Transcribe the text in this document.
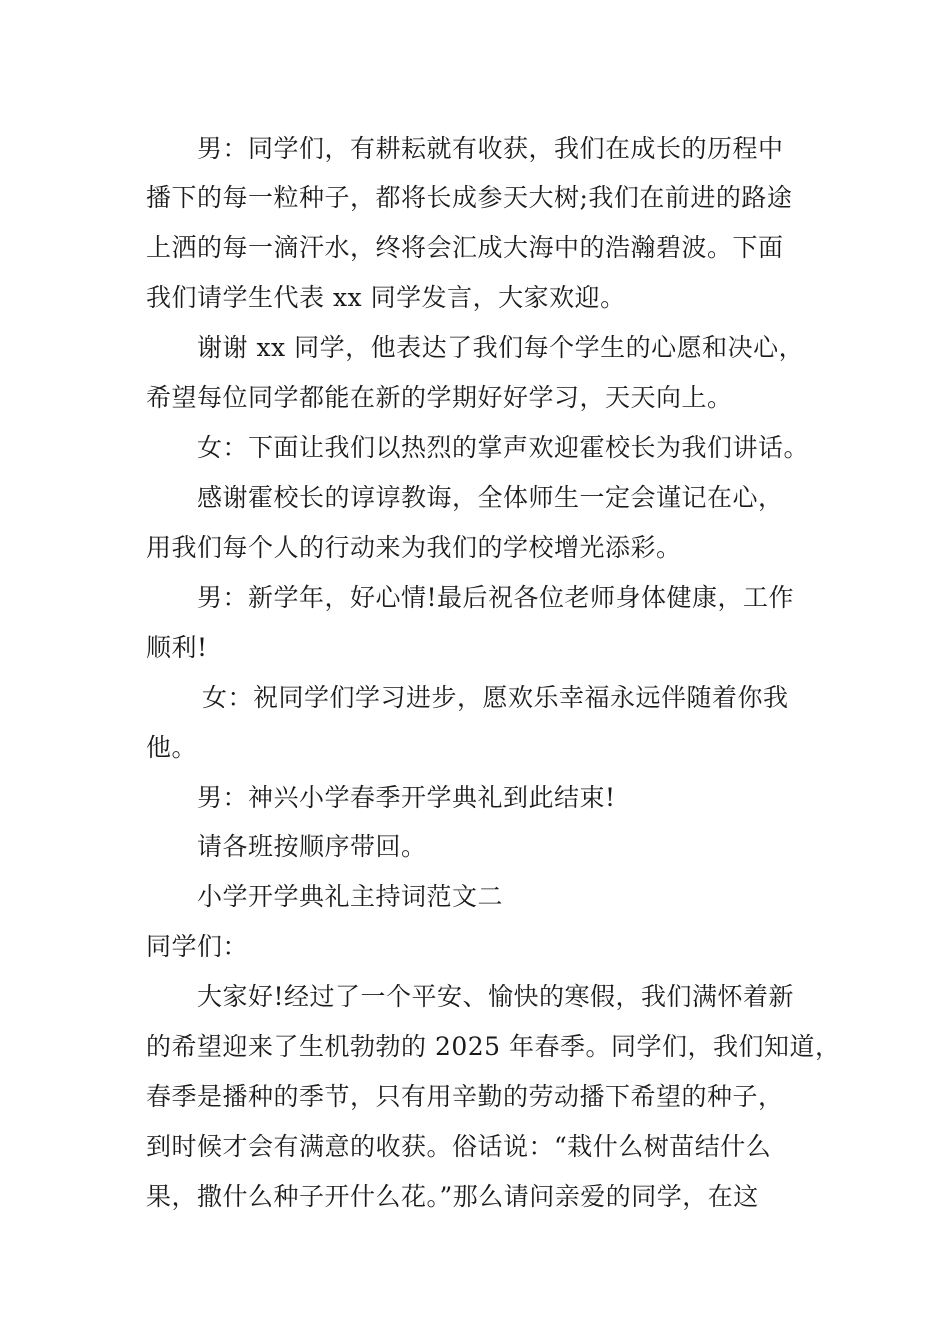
男：同学们，有耕耘就有收获，我们在成长的历程中
播下的每一粒种子，都将长成参天大树;我们在前进的路途
上洒的每一滴汗水，终将会汇成大海中的浩瀚碧波。下面
我们请学生代表 xx 同学发言，大家欢迎。
谢谢 xx 同学，他表达了我们每个学生的心愿和决心，
希望每位同学都能在新的学期好好学习，天天向上。
女：下面让我们以热烈的掌声欢迎霍校长为我们讲话。
感谢霍校长的谆谆教诲，全体师生一定会谨记在心，
用我们每个人的行动来为我们的学校增光添彩。
男：新学年，好心情!最后祝各位老师身体健康，工作
顺利!
女：祝同学们学习进步，愿欢乐幸福永远伴随着你我
他。
男：神兴小学春季开学典礼到此结束!
请各班按顺序带回。
小学开学典礼主持词范文二
同学们：
大家好!经过了一个平安、愉快的寒假，我们满怀着新
的希望迎来了生机勃勃的 2025 年春季。同学们，我们知道，
春季是播种的季节，只有用辛勤的劳动播下希望的种子，
到时候才会有满意的收获。俗话说：“栽什么树苗结什么
果，撒什么种子开什么花。”那么请问亲爱的同学，在这
